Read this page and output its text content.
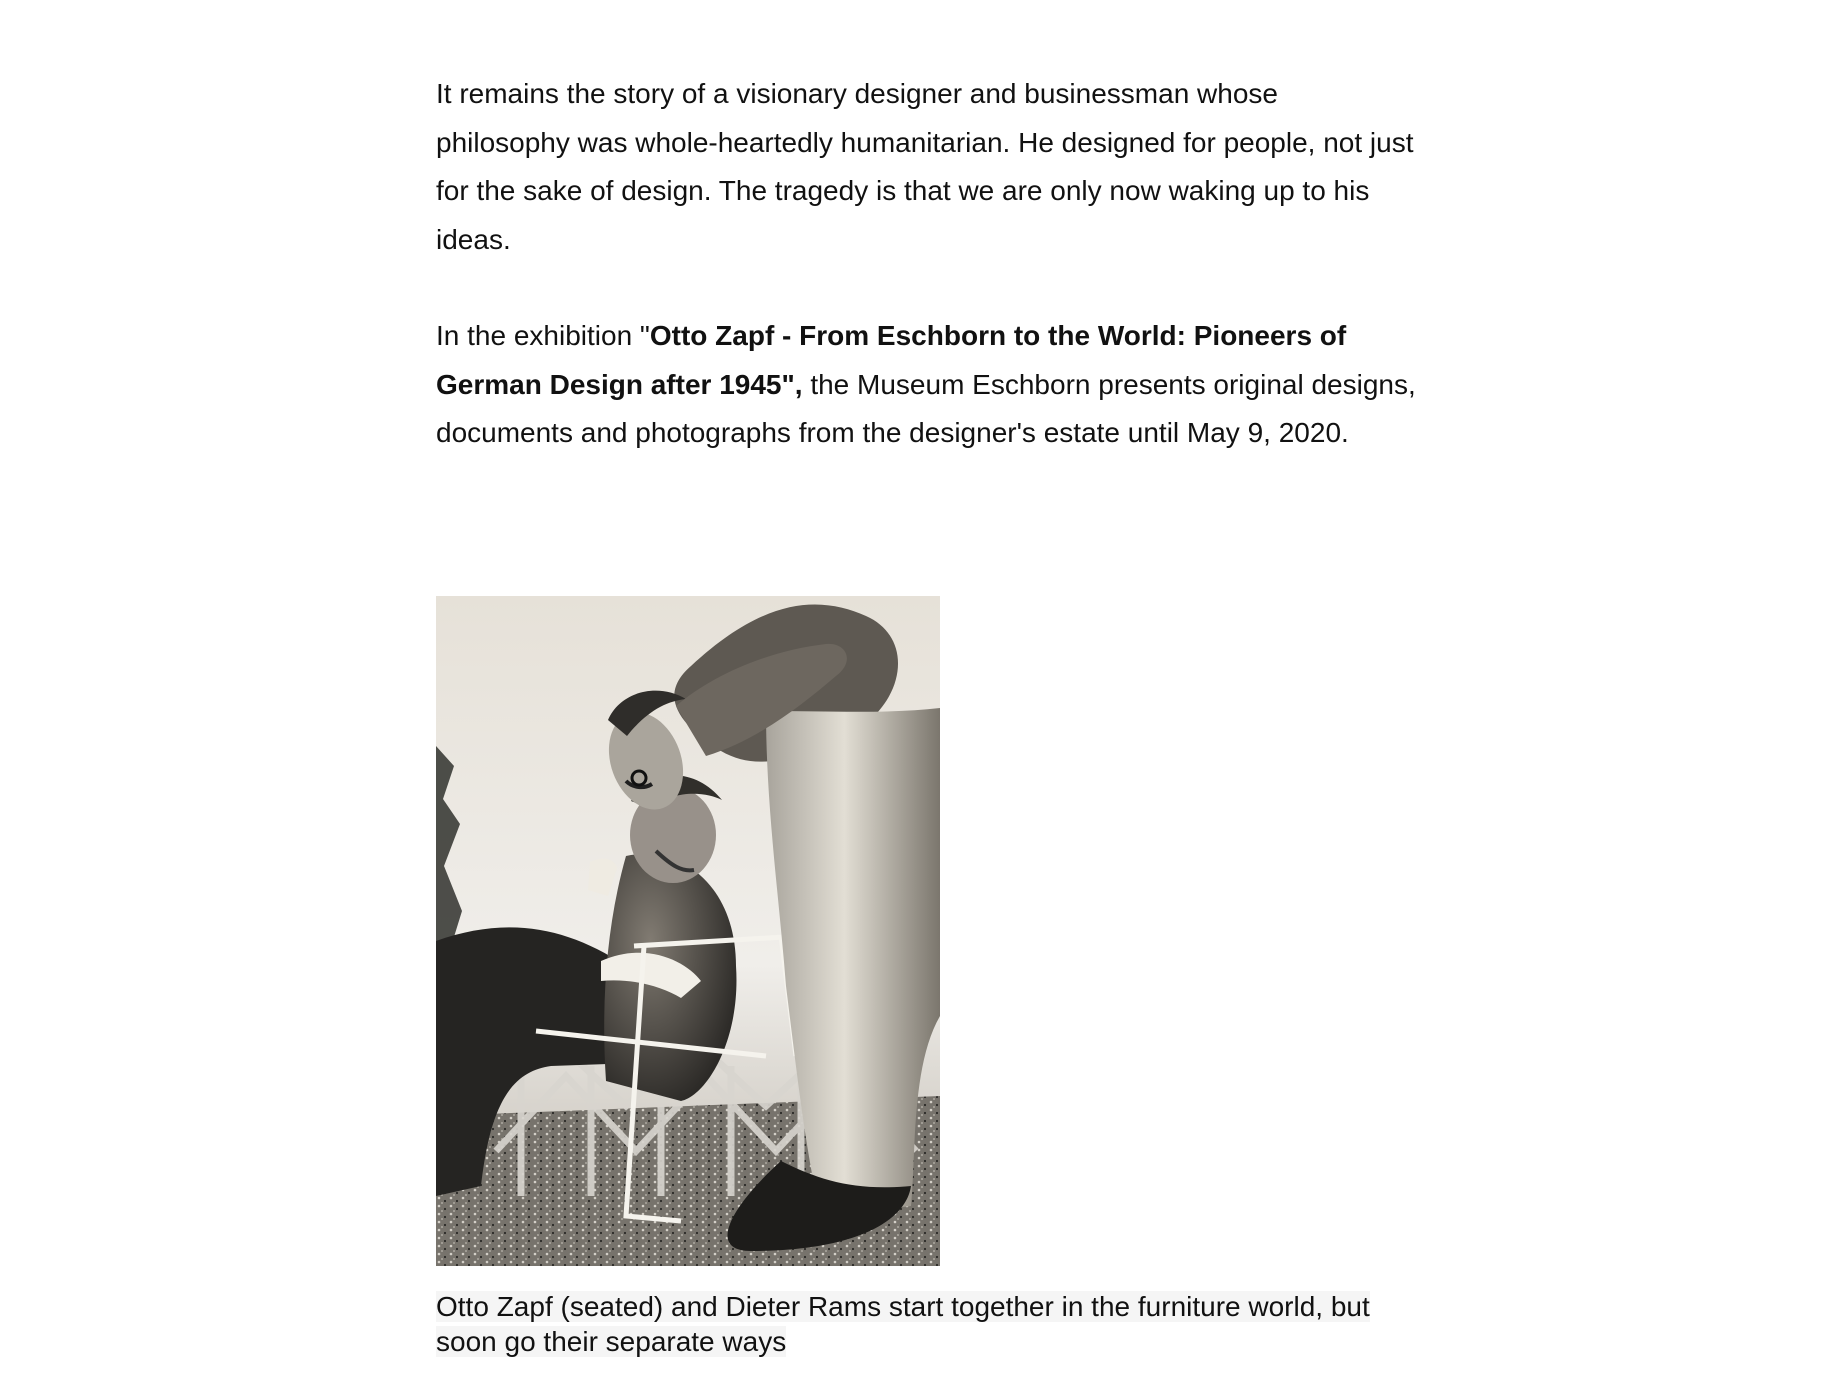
It remains the story of a visionary designer and businessman whose philosophy was whole-heartedly humanitarian. He designed for people, not just for the sake of design. The tragedy is that we are only now waking up to his ideas.

In the exhibition "Otto Zapf - From Eschborn to the World: Pioneers of German Design after 1945", the Museum Eschborn presents original designs, documents and photographs from the designer's estate until May 9, 2020.

Otto Zapf (seated) and Dieter Rams start together in the furniture world, but soon go their separate ways
